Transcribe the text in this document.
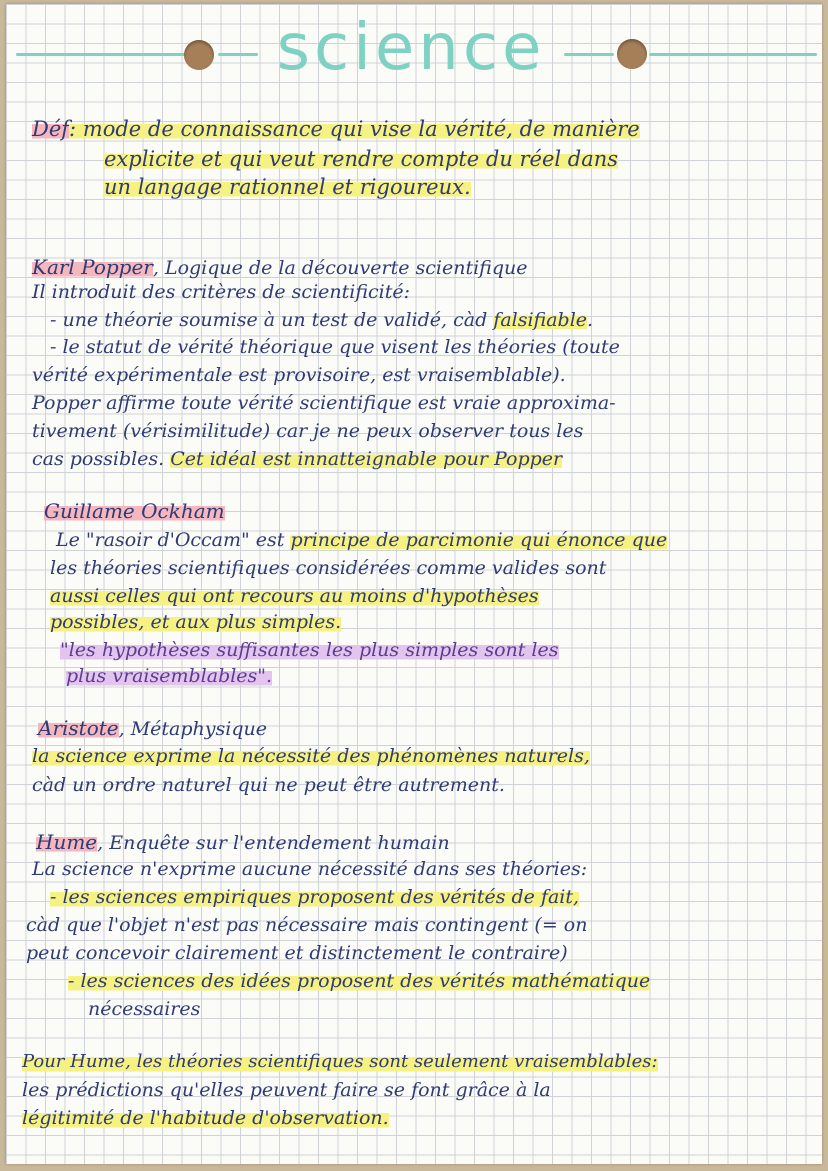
science
Déf: mode de connaissance qui vise la vérité, de manière
explicite et qui veut rendre compte du réel dans
un langage rationnel et rigoureux.
Karl Popper, Logique de la découverte scientifique
Il introduit des critères de scientificité:
- une théorie soumise à un test de validé, càd falsifiable.
- le statut de vérité théorique que visent les théories (toute
vérité expérimentale est provisoire, est vraisemblable).
Popper affirme toute vérité scientifique est vraie approxima-
tivement (vérisimilitude) car je ne peux observer tous les
cas possibles. Cet idéal est innatteignable pour Popper
Guillame Ockham
Le "rasoir d'Occam" est principe de parcimonie qui énonce que
les théories scientifiques considérées comme valides sont
aussi celles qui ont recours au moins d'hypothèses
possibles, et aux plus simples.
"les hypothèses suffisantes les plus simples sont les
plus vraisemblables".
Aristote, Métaphysique
la science exprime la nécessité des phénomènes naturels,
càd un ordre naturel qui ne peut être autrement.
Hume, Enquête sur l'entendement humain
La science n'exprime aucune nécessité dans ses théories:
- les sciences empiriques proposent des vérités de fait,
càd que l'objet n'est pas nécessaire mais contingent (= on
peut concevoir clairement et distinctement le contraire)
- les sciences des idées proposent des vérités mathématique
nécessaires
Pour Hume, les théories scientifiques sont seulement vraisemblables:
les prédictions qu'elles peuvent faire se font grâce à la
légitimité de l'habitude d'observation.
